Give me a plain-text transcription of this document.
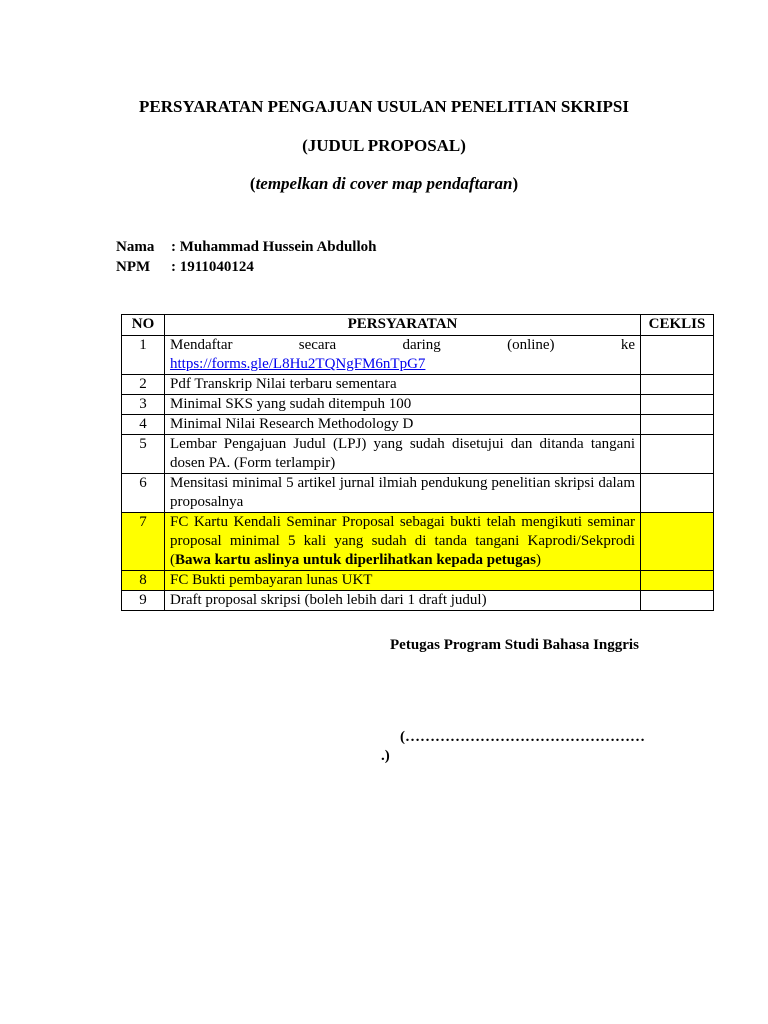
PERSYARATAN PENGAJUAN USULAN PENELITIAN SKRIPSI
(JUDUL PROPOSAL)
(tempelkan di cover map pendaftaran)
Nama : Muhammad Hussein Abdulloh
NPM : 1911040124
NO	PERSYARATAN	CEKLIS
1	Mendaftar secara daring (online) ke
https://forms.gle/L8Hu2TQNgFM6nTpG7	
2	Pdf Transkrip Nilai terbaru sementara	
3	Minimal SKS yang sudah ditempuh 100	
4	Minimal Nilai Research Methodology D	
5	Lembar Pengajuan Judul (LPJ) yang sudah disetujui dan ditanda tangani dosen PA. (Form terlampir)	
6	Mensitasi minimal 5 artikel jurnal ilmiah pendukung penelitian skripsi dalam proposalnya	
7	FC Kartu Kendali Seminar Proposal sebagai bukti telah mengikuti seminar proposal minimal 5 kali yang sudah di tanda tangani Kaprodi/Sekprodi (Bawa kartu aslinya untuk diperlihatkan kepada petugas)	
8	FC Bukti pembayaran lunas UKT	
9	Draft proposal skripsi (boleh lebih dari 1 draft judul)	
Petugas Program Studi Bahasa Inggris
(…………………………………………
.)
